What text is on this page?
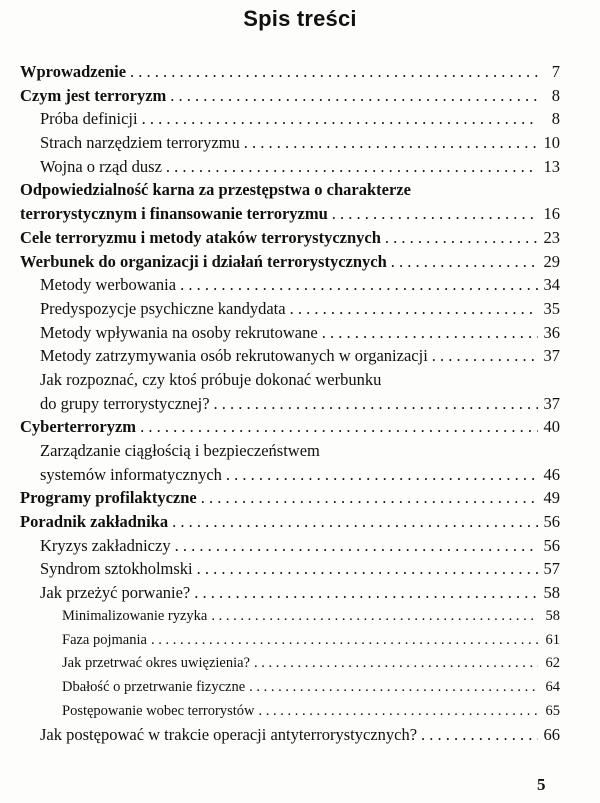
Spis treści
Wprowadzenie . . .	7
Czym jest terroryzm . . .	8
Próba definicji . . .	8
Strach narzędziem terroryzmu . . .	10
Wojna o rząd dusz . . .	13
Odpowiedzialność karna za przestępstwa o charakterze
terrorystycznym i finansowanie terroryzmu . . .	16
Cele terroryzmu i metody ataków terrorystycznych . . .	23
Werbunek do organizacji i działań terrorystycznych . . .	29
Metody werbowania . . .	34
Predyspozycje psychiczne kandydata . . .	35
Metody wpływania na osoby rekrutowane . . .	36
Metody zatrzymywania osób rekrutowanych w organizacji . . .	37
Jak rozpoznać, czy ktoś próbuje dokonać werbunku
do grupy terrorystycznej? . . .	37
Cyberterroryzm . . .	40
Zarządzanie ciągłością i bezpieczeństwem
systemów informatycznych . . .	46
Programy profilaktyczne . . .	49
Poradnik zakładnika . . .	56
Kryzys zakładniczy . . .	56
Syndrom sztokholmski . . .	57
Jak przeżyć porwanie? . . .	58
Minimalizowanie ryzyka . . .	58
Faza pojmania . . .	61
Jak przetrwać okres uwięzienia? . . .	62
Dbałość o przetrwanie fizyczne . . .	64
Postępowanie wobec terrorystów . . .	65
Jak postępować w trakcie operacji antyterrorystycznych? . . .	66
5
